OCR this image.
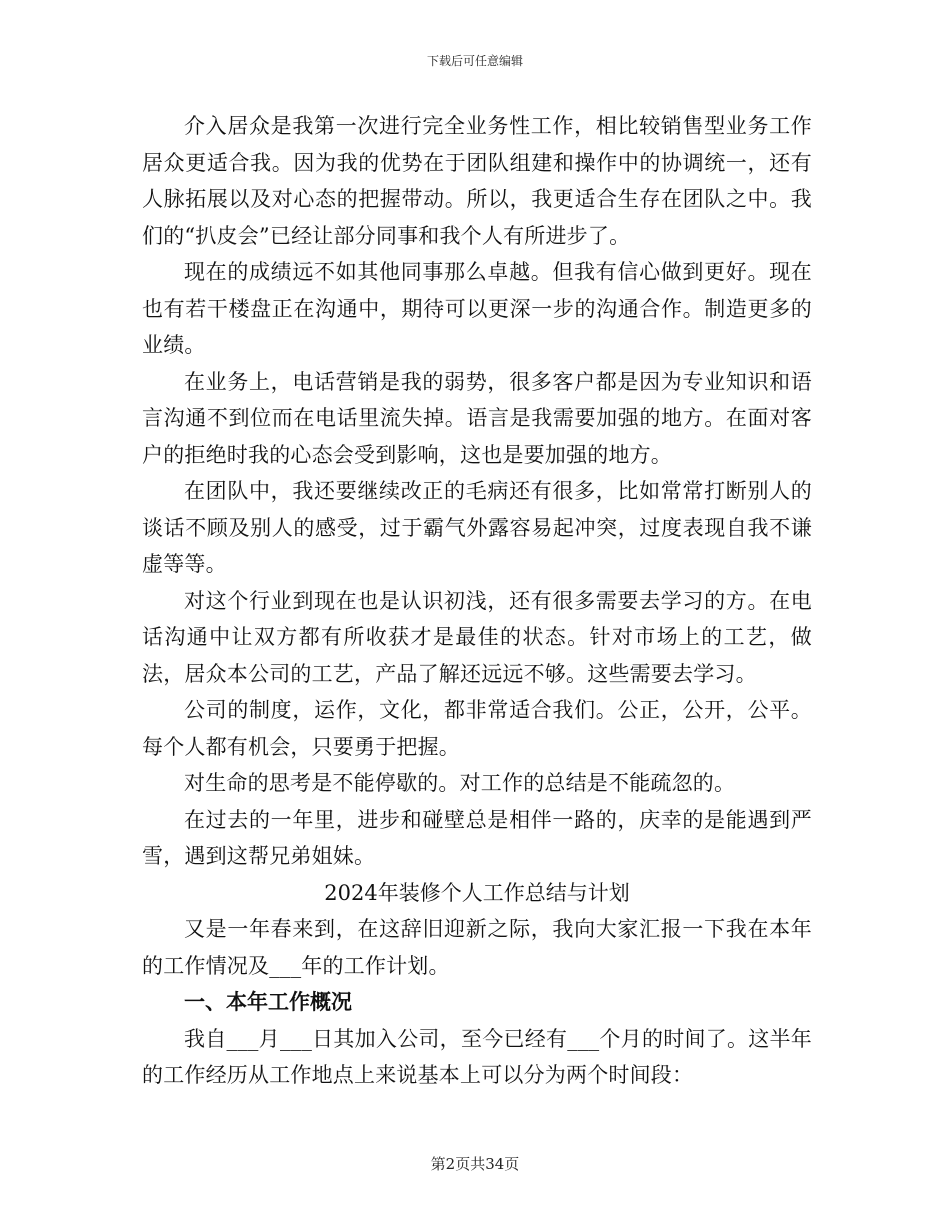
下载后可任意编辑

介入居众是我第一次进行完全业务性工作，相比较销售型业务工作居众更适合我。因为我的优势在于团队组建和操作中的协调统一，还有人脉拓展以及对心态的把握带动。所以，我更适合生存在团队之中。我们的“扒皮会”已经让部分同事和我个人有所进步了。

现在的成绩远不如其他同事那么卓越。但我有信心做到更好。现在也有若干楼盘正在沟通中，期待可以更深一步的沟通合作。制造更多的业绩。

在业务上，电话营销是我的弱势，很多客户都是因为专业知识和语言沟通不到位而在电话里流失掉。语言是我需要加强的地方。在面对客户的拒绝时我的心态会受到影响，这也是要加强的地方。

在团队中，我还要继续改正的毛病还有很多，比如常常打断别人的谈话不顾及别人的感受，过于霸气外露容易起冲突，过度表现自我不谦虚等等。

对这个行业到现在也是认识初浅，还有很多需要去学习的方。在电话沟通中让双方都有所收获才是最佳的状态。针对市场上的工艺，做法，居众本公司的工艺，产品了解还远远不够。这些需要去学习。

公司的制度，运作，文化，都非常适合我们。公正，公开，公平。每个人都有机会，只要勇于把握。

对生命的思考是不能停歇的。对工作的总结是不能疏忽的。

在过去的一年里，进步和碰壁总是相伴一路的，庆幸的是能遇到严雪，遇到这帮兄弟姐妹。

2024年装修个人工作总结与计划

又是一年春来到，在这辞旧迎新之际，我向大家汇报一下我在本年的工作情况及___年的工作计划。

一、本年工作概况

我自___月___日其加入公司，至今已经有___个月的时间了。这半年的工作经历从工作地点上来说基本上可以分为两个时间段：

第2页共34页
